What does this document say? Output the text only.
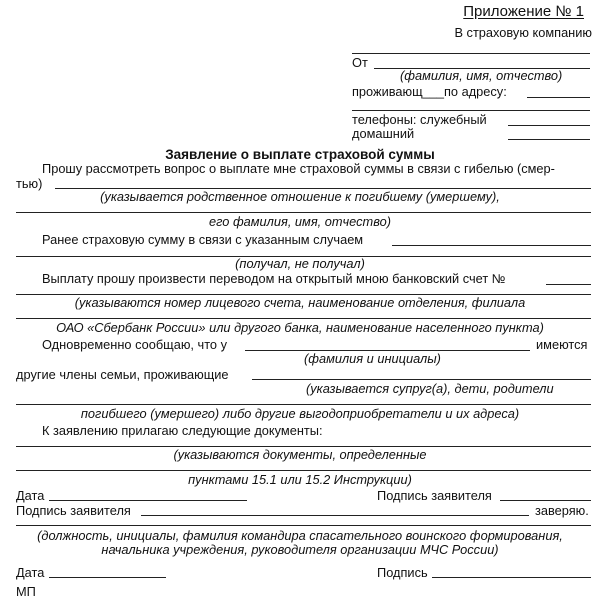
Приложение № 1
В страховую компанию
От
(фамилия, имя, отчество)
проживающ___по адресу:
телефоны: служебный
домашний
Заявление о выплате страховой суммы
Прошу рассмотреть вопрос о выплате мне страховой суммы в связи с гибелью (смер-
тью)
(указывается родственное отношение к погибшему (умершему),
его фамилия, имя, отчество)
Ранее страховую сумму в связи с указанным случаем
(получал, не получал)
Выплату прошу произвести переводом на открытый мною банковский счет №
(указываются номер лицевого счета, наименование отделения, филиала
ОАО «Сбербанк России» или другого банка, наименование населенного пункта)
Одновременно сообщаю, что у	имеются
(фамилия и инициалы)
другие члены семьи, проживающие
(указывается супруг(а), дети, родители
погибшего (умершего) либо другие выгодоприобретатели и их адреса)
К заявлению прилагаю следующие документы:
(указываются документы, определенные
пунктами 15.1 или 15.2 Инструкции)
Дата	Подпись заявителя
Подпись заявителя	заверяю.
(должность, инициалы, фамилия командира спасательного воинского формирования,
начальника учреждения, руководителя организации МЧС России)
Дата	Подпись
МП
